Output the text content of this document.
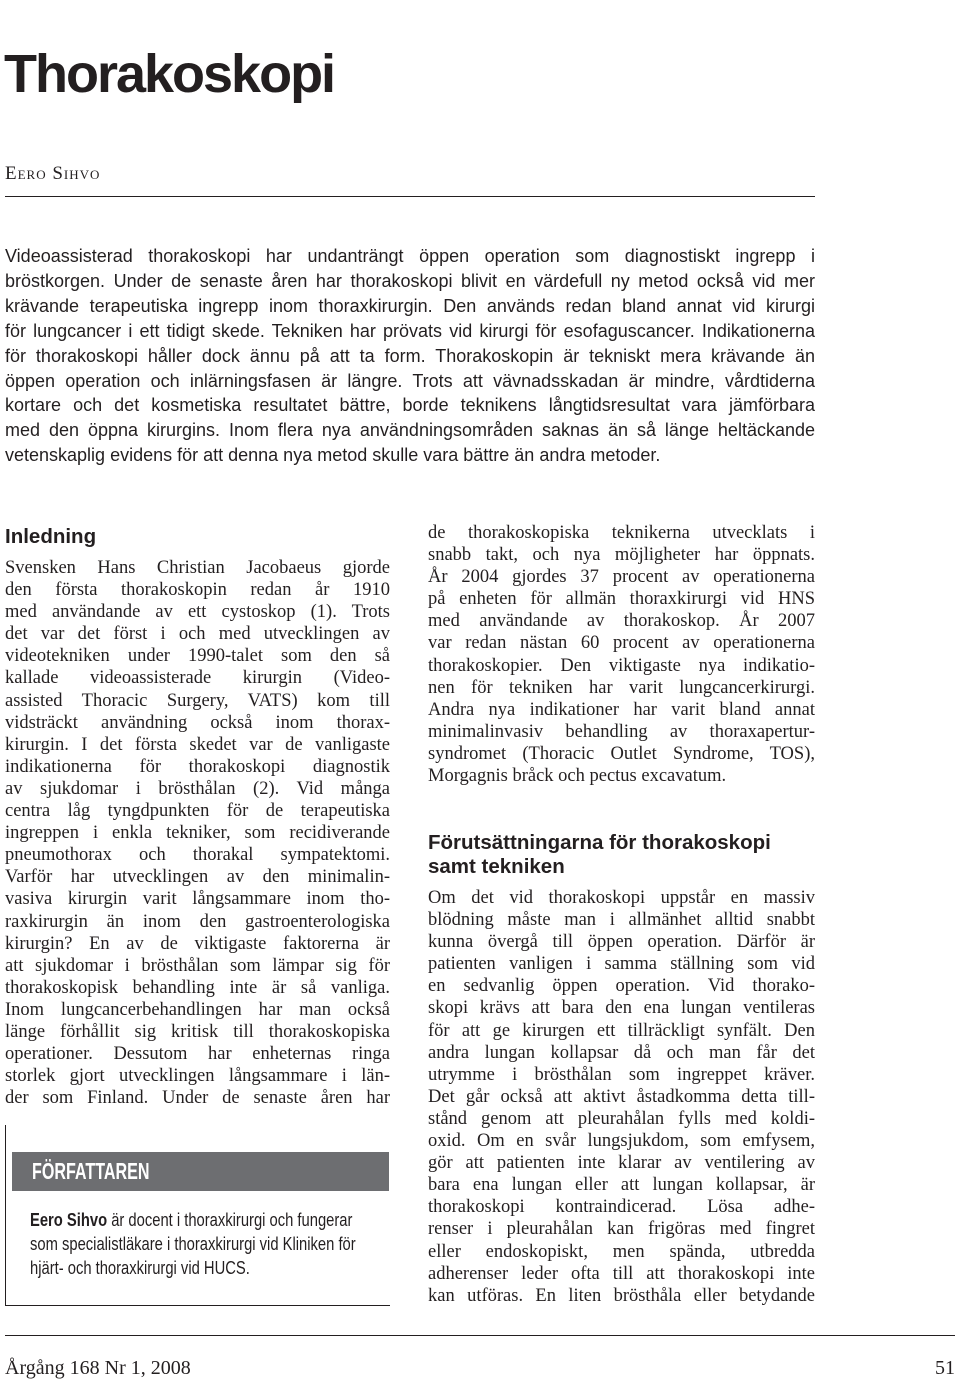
Thorakoskopi
Eero Sihvo
Videoassisterad thorakoskopi har undanträngt öppen operation som diagnostiskt ingrepp i
bröstkorgen. Under de senaste åren har thorakoskopi blivit en värdefull ny metod också vid mer
krävande terapeutiska ingrepp inom thoraxkirurgin. Den används redan bland annat vid kirurgi
för lungcancer i ett tidigt skede. Tekniken har prövats vid kirurgi för esofaguscancer. Indikationerna
för thorakoskopi håller dock ännu på att ta form. Thorakoskopin är tekniskt mera krävande än
öppen operation och inlärningsfasen är längre. Trots att vävnadsskadan är mindre, vårdtiderna
kortare och det kosmetiska resultatet bättre, borde teknikens långtidsresultat vara jämförbara
med den öppna kirurgins. Inom flera nya användningsområden saknas än så länge heltäckande
vetenskaplig evidens för att denna nya metod skulle vara bättre än andra metoder.
Inledning
Svensken Hans Christian Jacobaeus gjorde
den första thorakoskopin redan år 1910
med användande av ett cystoskop (1). Trots
det var det först i och med utvecklingen av
videotekniken under 1990-talet som den så
kallade videoassisterade kirurgin (Video-
assisted Thoracic Surgery, VATS) kom till
vidsträckt användning också inom thorax-
kirurgin. I det första skedet var de vanligaste
indikationerna för thorakoskopi diagnostik
av sjukdomar i brösthålan (2). Vid många
centra låg tyngdpunkten för de terapeutiska
ingreppen i enkla tekniker, som recidiverande
pneumothorax och thorakal sympatektomi.
Varför har utvecklingen av den minimalin-
vasiva kirurgin varit långsammare inom tho-
raxkirurgin än inom den gastroenterologiska
kirurgin? En av de viktigaste faktorerna är
att sjukdomar i brösthålan som lämpar sig för
thorakoskopisk behandling inte är så vanliga.
Inom lungcancerbehandlingen har man också
länge förhållit sig kritisk till thorakoskopiska
operationer. Dessutom har enheternas ringa
storlek gjort utvecklingen långsammare i län-
der som Finland. Under de senaste åren har
FÖRFATTAREN
Eero Sihvo är docent i thoraxkirurgi och fungerar
som specialistläkare i thoraxkirurgi vid Kliniken för
hjärt- och thoraxkirurgi vid HUCS.
de thorakoskopiska teknikerna utvecklats i
snabb takt, och nya möjligheter har öppnats.
År 2004 gjordes 37 procent av operationerna
på enheten för allmän thoraxkirurgi vid HNS
med användande av thorakoskop. År 2007
var redan nästan 60 procent av operationerna
thorakoskopier. Den viktigaste nya indikatio-
nen för tekniken har varit lungcancerkirurgi.
Andra nya indikationer har varit bland annat
minimalinvasiv behandling av thoraxapertur-
syndromet (Thoracic Outlet Syndrome, TOS),
Morgagnis bråck och pectus excavatum.
Förutsättningarna för thorakoskopi
samt tekniken
Om det vid thorakoskopi uppstår en massiv
blödning måste man i allmänhet alltid snabbt
kunna övergå till öppen operation. Därför är
patienten vanligen i samma ställning som vid
en sedvanlig öppen operation. Vid thorako-
skopi krävs att bara den ena lungan ventileras
för att ge kirurgen ett tillräckligt synfält. Den
andra lungan kollapsar då och man får det
utrymme i brösthålan som ingreppet kräver.
Det går också att aktivt åstadkomma detta till-
stånd genom att pleurahålan fylls med koldi-
oxid. Om en svår lungsjukdom, som emfysem,
gör att patienten inte klarar av ventilering av
bara ena lungan eller att lungan kollapsar, är
thorakoskopi kontraindicerad. Lösa adhe-
renser i pleurahålan kan frigöras med fingret
eller endoskopiskt, men spända, utbredda
adherenser leder ofta till att thorakoskopi inte
kan utföras. En liten brösthåla eller betydande
Årgång 168 Nr 1, 2008	51
